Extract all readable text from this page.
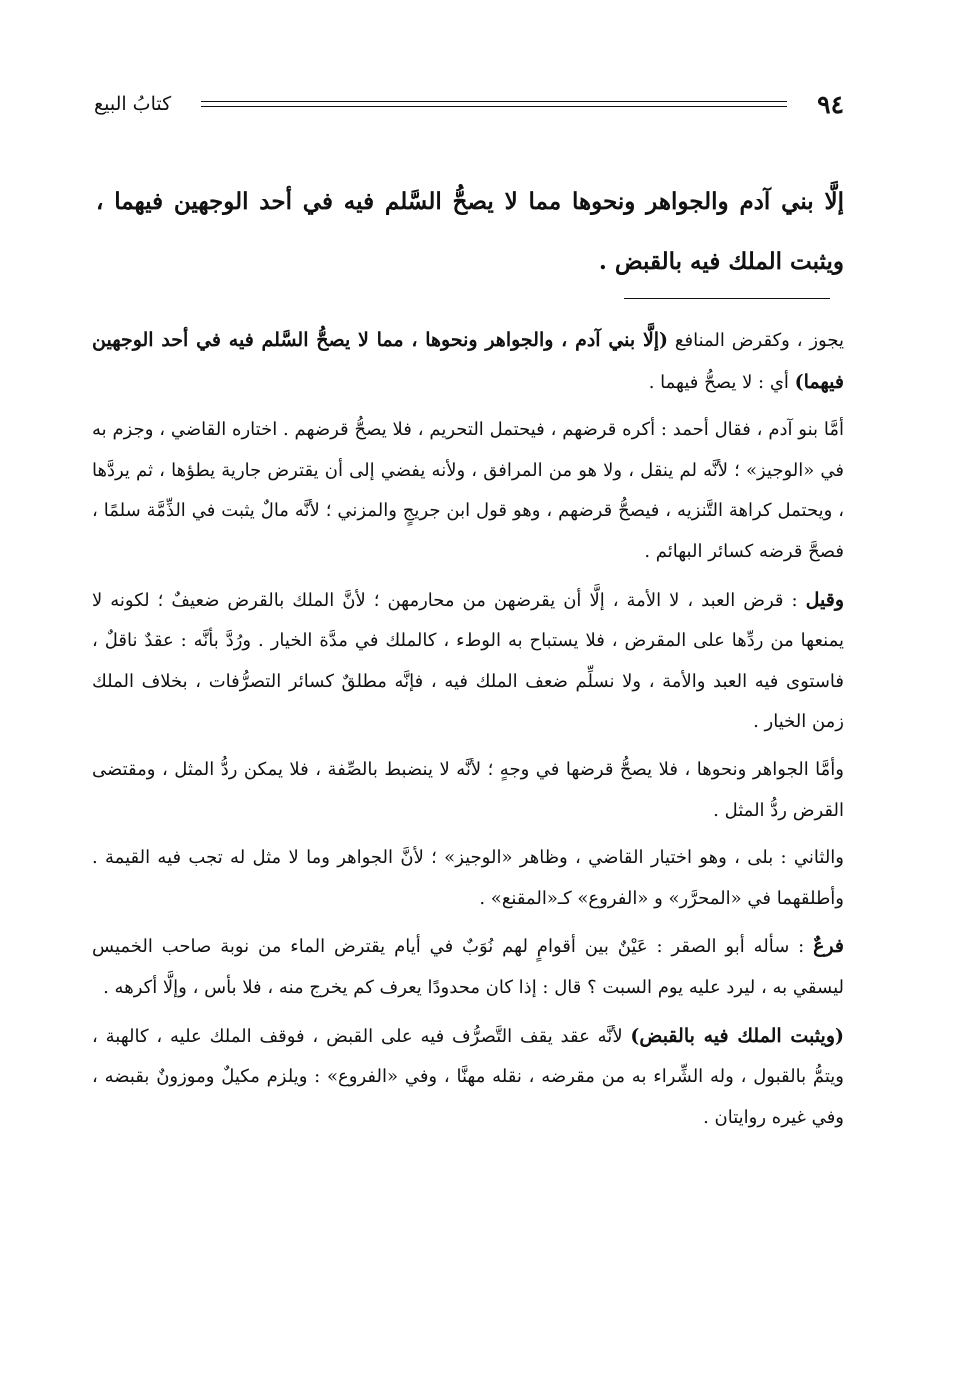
٩٤
كتابُ البيع
إلَّا بني آدم والجواهر ونحوها مما لا يصحُّ السَّلم فيه في أحد الوجهين فيهما ، ويثبت الملك فيه بالقبض .

يجوز ، وكقرض المنافع (إلَّا بني آدم ، والجواهر ونحوها ، مما لا يصحُّ السَّلم فيه في أحد الوجهين فيهما) أي : لا يصحُّ فيهما .

أمَّا بنو آدم ، فقال أحمد : أكره قرضهم ، فيحتمل التحريم ، فلا يصحُّ قرضهم . اختاره القاضي ، وجزم به في «الوجيز» ؛ لأنَّه لم ينقل ، ولا هو من المرافق ، ولأنه يفضي إلى أن يقترض جارية يطؤها ، ثم يردَّها ، ويحتمل كراهة التَّنزيه ، فيصحُّ قرضهم ، وهو قول ابن جريجٍ والمزني ؛ لأنَّه مالٌ يثبت في الذِّمَّة سلمًا ، فصحَّ قرضه كسائر البهائم .

وقيل : قرض العبد ، لا الأمة ، إلَّا أن يقرضهن من محارمهن ؛ لأنَّ الملك بالقرض ضعيفٌ ؛ لكونه لا يمنعها من ردِّها على المقرض ، فلا يستباح به الوطء ، كالملك في مدَّة الخيار . ورُدَّ بأنَّه : عقدٌ ناقلٌ ، فاستوى فيه العبد والأمة ، ولا نسلِّم ضعف الملك فيه ، فإنَّه مطلقٌ كسائر التصرُّفات ، بخلاف الملك زمن الخيار .

وأمَّا الجواهر ونحوها ، فلا يصحُّ قرضها في وجهٍ ؛ لأنَّه لا ينضبط بالصِّفة ، فلا يمكن ردُّ المثل ، ومقتضى القرض ردُّ المثل .

والثاني : بلى ، وهو اختيار القاضي ، وظاهر «الوجيز» ؛ لأنَّ الجواهر وما لا مثل له تجب فيه القيمة . وأطلقهما في «المحرَّر» و «الفروع» كـ«المقنع» .

فرعٌ : سأله أبو الصقر : عَيْنٌ بين أقوامٍ لهم نُوَبٌ في أيام يقترض الماء من نوبة صاحب الخميس ليسقي به ، ليرد عليه يوم السبت ؟ قال : إذا كان محدودًا يعرف كم يخرج منه ، فلا بأس ، وإلَّا أكرهه .

(ويثبت الملك فيه بالقبض) لأنَّه عقد يقف التَّصرُّف فيه على القبض ، فوقف الملك عليه ، كالهبة ، ويتمُّ بالقبول ، وله الشِّراء به من مقرضه ، نقله مهنَّا ، وفي «الفروع» : ويلزم مكيلٌ وموزونٌ بقبضه ، وفي غيره روايتان .
